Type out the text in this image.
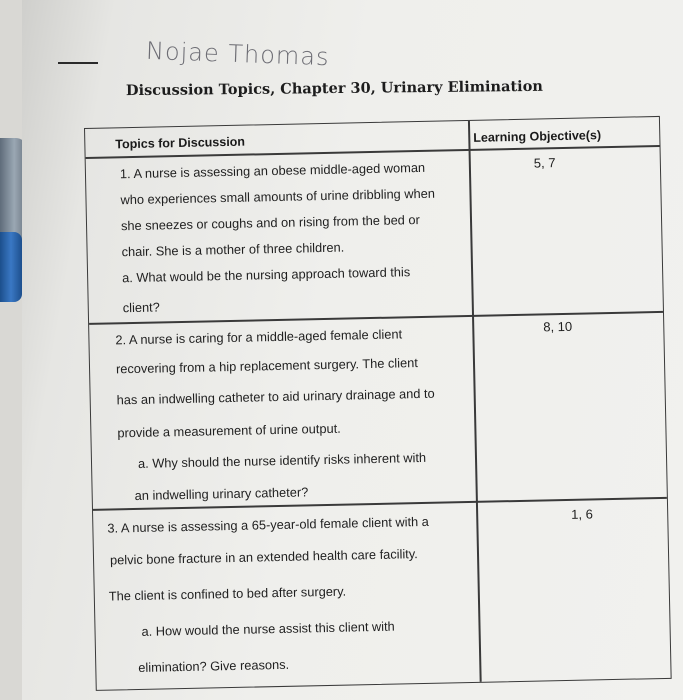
Nojae Thomas
Discussion Topics, Chapter 30, Urinary Elimination
Topics for Discussion	Learning Objective(s)
1. A nurse is assessing an obese middle-aged woman
who experiences small amounts of urine dribbling when
she sneezes or coughs and on rising from the bed or
chair. She is a mother of three children.
a. What would be the nursing approach toward this
client?
5, 7
2. A nurse is caring for a middle-aged female client
recovering from a hip replacement surgery. The client
has an indwelling catheter to aid urinary drainage and to
provide a measurement of urine output.
a. Why should the nurse identify risks inherent with
an indwelling urinary catheter?
8, 10
3. A nurse is assessing a 65-year-old female client with a
pelvic bone fracture in an extended health care facility.
The client is confined to bed after surgery.
a. How would the nurse assist this client with
elimination? Give reasons.
1, 6
